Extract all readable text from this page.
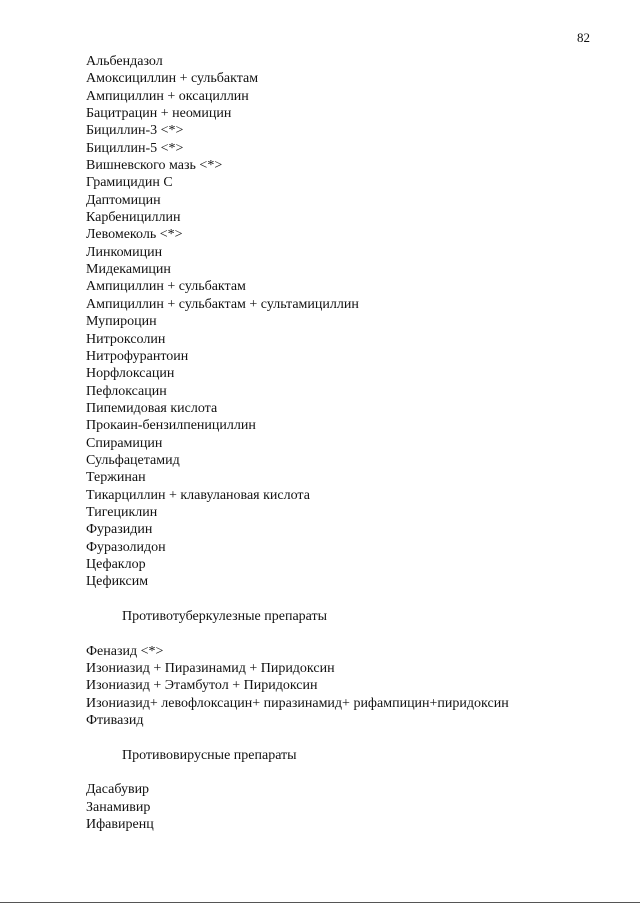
82
Альбендазол
Амоксициллин + сульбактам
Ампициллин + оксациллин
Бацитрацин + неомицин
Бициллин-3 <*>
Бициллин-5 <*>
Вишневского мазь <*>
Грамицидин С
Даптомицин
Карбенициллин
Левомеколь <*>
Линкомицин
Мидекамицин
Ампициллин + сульбактам
Ампициллин + сульбактам + сультамициллин
Мупироцин
Нитроксолин
Нитрофурантоин
Норфлоксацин
Пефлоксацин
Пипемидовая кислота
Прокаин-бензилпенициллин
Спирамицин
Сульфацетамид
Тержинан
Тикарциллин + клавулановая кислота
Тигециклин
Фуразидин
Фуразолидон
Цефаклор
Цефиксим
Противотуберкулезные препараты
Феназид <*>
Изониазид + Пиразинамид + Пиридоксин
Изониазид + Этамбутол + Пиридоксин
Изониазид+ левофлоксацин+ пиразинамид+ рифампицин+пиридоксин
Фтивазид
Противовирусные препараты
Дасабувир
Занамивир
Ифавиренц
